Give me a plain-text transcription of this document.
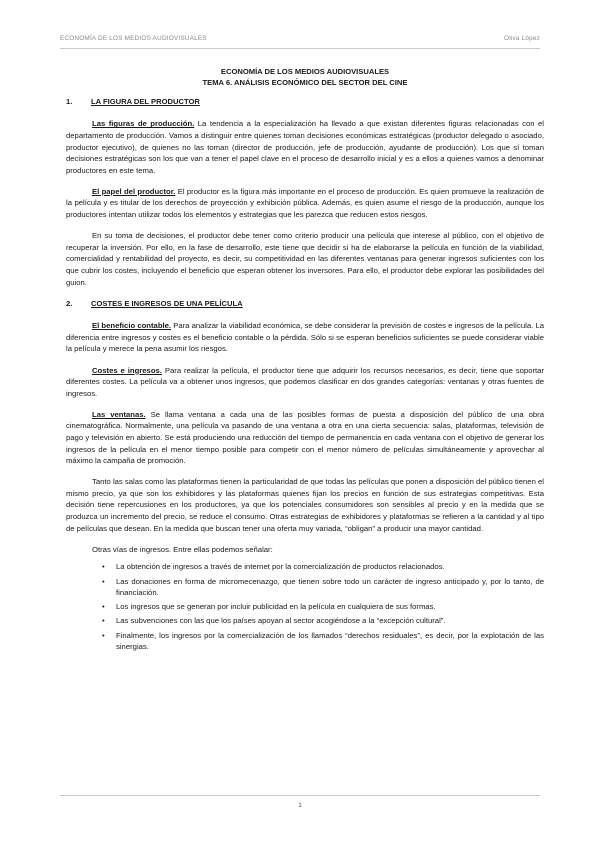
ECONOMÍA DE LOS MEDIOS AUDIOVISUALES	Oliva López
ECONOMÍA DE LOS MEDIOS AUDIOVISUALES
TEMA 6. ANÁLISIS ECONÓMICO DEL SECTOR DEL CINE
1. LA FIGURA DEL PRODUCTOR

Las figuras de producción. La tendencia a la especialización ha llevado a que existan diferentes figuras relacionadas con el departamento de producción. Vamos a distinguir entre quienes toman decisiones económicas estratégicas (productor delegado o asociado, productor ejecutivo), de quienes no las toman (director de producción, jefe de producción, ayudante de producción). Los que sí toman decisiones estratégicas son los que van a tener el papel clave en el proceso de desarrollo inicial y es a ellos a quienes vamos a denominar productores en este tema.

El papel del productor. El productor es la figura más importante en el proceso de producción. Es quien promueve la realización de la película y es titular de los derechos de proyección y exhibición pública. Además, es quien asume el riesgo de la producción, aunque los productores intentan utilizar todos los elementos y estrategias que les parezca que reducen estos riesgos.

En su toma de decisiones, el productor debe tener como criterio producir una película que interese al público, con el objetivo de recuperar la inversión. Por ello, en la fase de desarrollo, este tiene que decidir si ha de elaborarse la película en función de la viabilidad, comercialidad y rentabilidad del proyecto, es decir, su competitividad en las diferentes ventanas para generar ingresos suficientes con los que cubrir los costes, incluyendo el beneficio que esperan obtener los inversores. Para ello, el productor debe explorar las posibilidades del guion.

2. COSTES E INGRESOS DE UNA PELÍCULA

El beneficio contable. Para analizar la viabilidad económica, se debe considerar la previsión de costes e ingresos de la película. La diferencia entre ingresos y costes es el beneficio contable o la pérdida. Sólo si se esperan beneficios suficientes se puede considerar viable la película y merece la pena asumir los riesgos.

Costes e ingresos. Para realizar la película, el productor tiene que adquirir los recursos necesarios, es decir, tiene que soportar diferentes costes. La película va a obtener unos ingresos, que podemos clasificar en dos grandes categorías: ventanas y otras fuentes de ingresos.

Las ventanas. Se llama ventana a cada una de las posibles formas de puesta a disposición del público de una obra cinematográfica. Normalmente, una película va pasando de una ventana a otra en una cierta secuencia: salas, plataformas, televisión de pago y televisión en abierto. Se está produciendo una reducción del tiempo de permanencia en cada ventana con el objetivo de generar los ingresos de la película en el menor tiempo posible para competir con el menor número de películas simultáneamente y aprovechar al máximo la campaña de promoción.

Tanto las salas como las plataformas tienen la particularidad de que todas las películas que ponen a disposición del público tienen el mismo precio, ya que son los exhibidores y las plataformas quienes fijan los precios en función de sus estrategias competitivas. Esta decisión tiene repercusiones en los productores, ya que los potenciales consumidores son sensibles al precio y en la medida que se produzca un incremento del precio, se reduce el consumo. Otras estrategias de exhibidores y plataformas se refieren a la cantidad y al tipo de películas que desean. En la medida que buscan tener una oferta muy variada, “obligan” a producir una mayor cantidad.

Otras vías de ingresos. Entre ellas podemos señalar:
• La obtención de ingresos a través de internet por la comercialización de productos relacionados.
• Las donaciones en forma de micromecenazgo, que tienen sobre todo un carácter de ingreso anticipado y, por lo tanto, de financiación.
• Los ingresos que se generan por incluir publicidad en la película en cualquiera de sus formas.
• Las subvenciones con las que los países apoyan al sector acogiéndose a la “excepción cultural”.
• Finalmente, los ingresos por la comercialización de los llamados “derechos residuales”, es decir, por la explotación de las sinergias.
1
